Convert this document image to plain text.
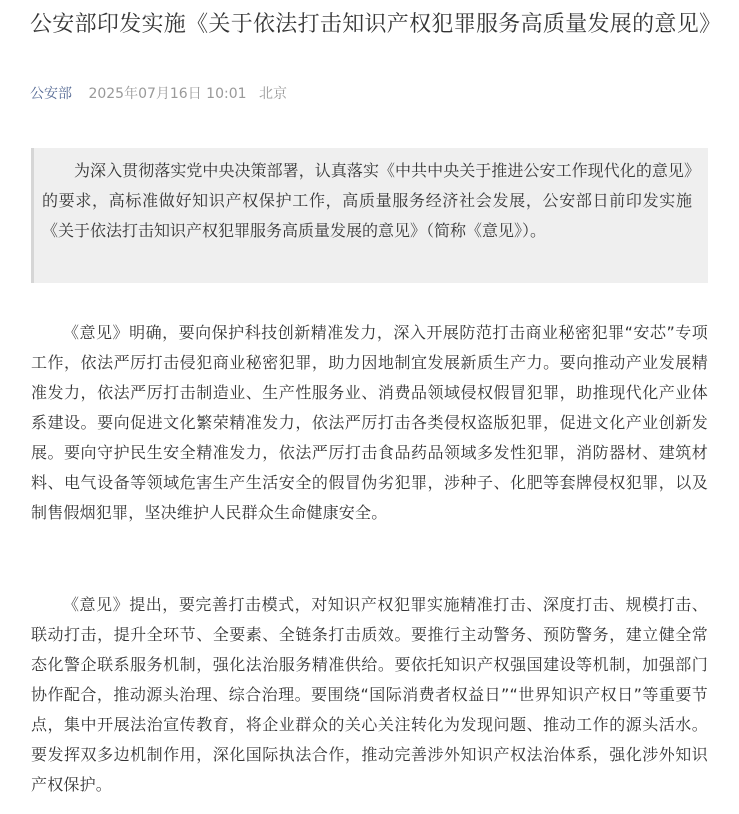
公安部印发实施《关于依法打击知识产权犯罪服务高质量发展的意见》
公安部 2025年07月16日 10:01 北京

为深入贯彻落实党中央决策部署，认真落实《中共中央关于推进公安工作现代化的意见》的要求，高标准做好知识产权保护工作，高质量服务经济社会发展，公安部日前印发实施《关于依法打击知识产权犯罪服务高质量发展的意见》（简称《意见》）。

《意见》明确，要向保护科技创新精准发力，深入开展防范打击商业秘密犯罪“安芯”专项工作，依法严厉打击侵犯商业秘密犯罪，助力因地制宜发展新质生产力。要向推动产业发展精准发力，依法严厉打击制造业、生产性服务业、消费品领域侵权假冒犯罪，助推现代化产业体系建设。要向促进文化繁荣精准发力，依法严厉打击各类侵权盗版犯罪，促进文化产业创新发展。要向守护民生安全精准发力，依法严厉打击食品药品领域多发性犯罪，消防器材、建筑材料、电气设备等领域危害生产生活安全的假冒伪劣犯罪，涉种子、化肥等套牌侵权犯罪，以及制售假烟犯罪，坚决维护人民群众生命健康安全。

《意见》提出，要完善打击模式，对知识产权犯罪实施精准打击、深度打击、规模打击、联动打击，提升全环节、全要素、全链条打击质效。要推行主动警务、预防警务，建立健全常态化警企联系服务机制，强化法治服务精准供给。要依托知识产权强国建设等机制，加强部门协作配合，推动源头治理、综合治理。要围绕“国际消费者权益日”“世界知识产权日”等重要节点，集中开展法治宣传教育，将企业群众的关心关注转化为发现问题、推动工作的源头活水。要发挥双多边机制作用，深化国际执法合作，推动完善涉外知识产权法治体系，强化涉外知识产权保护。
